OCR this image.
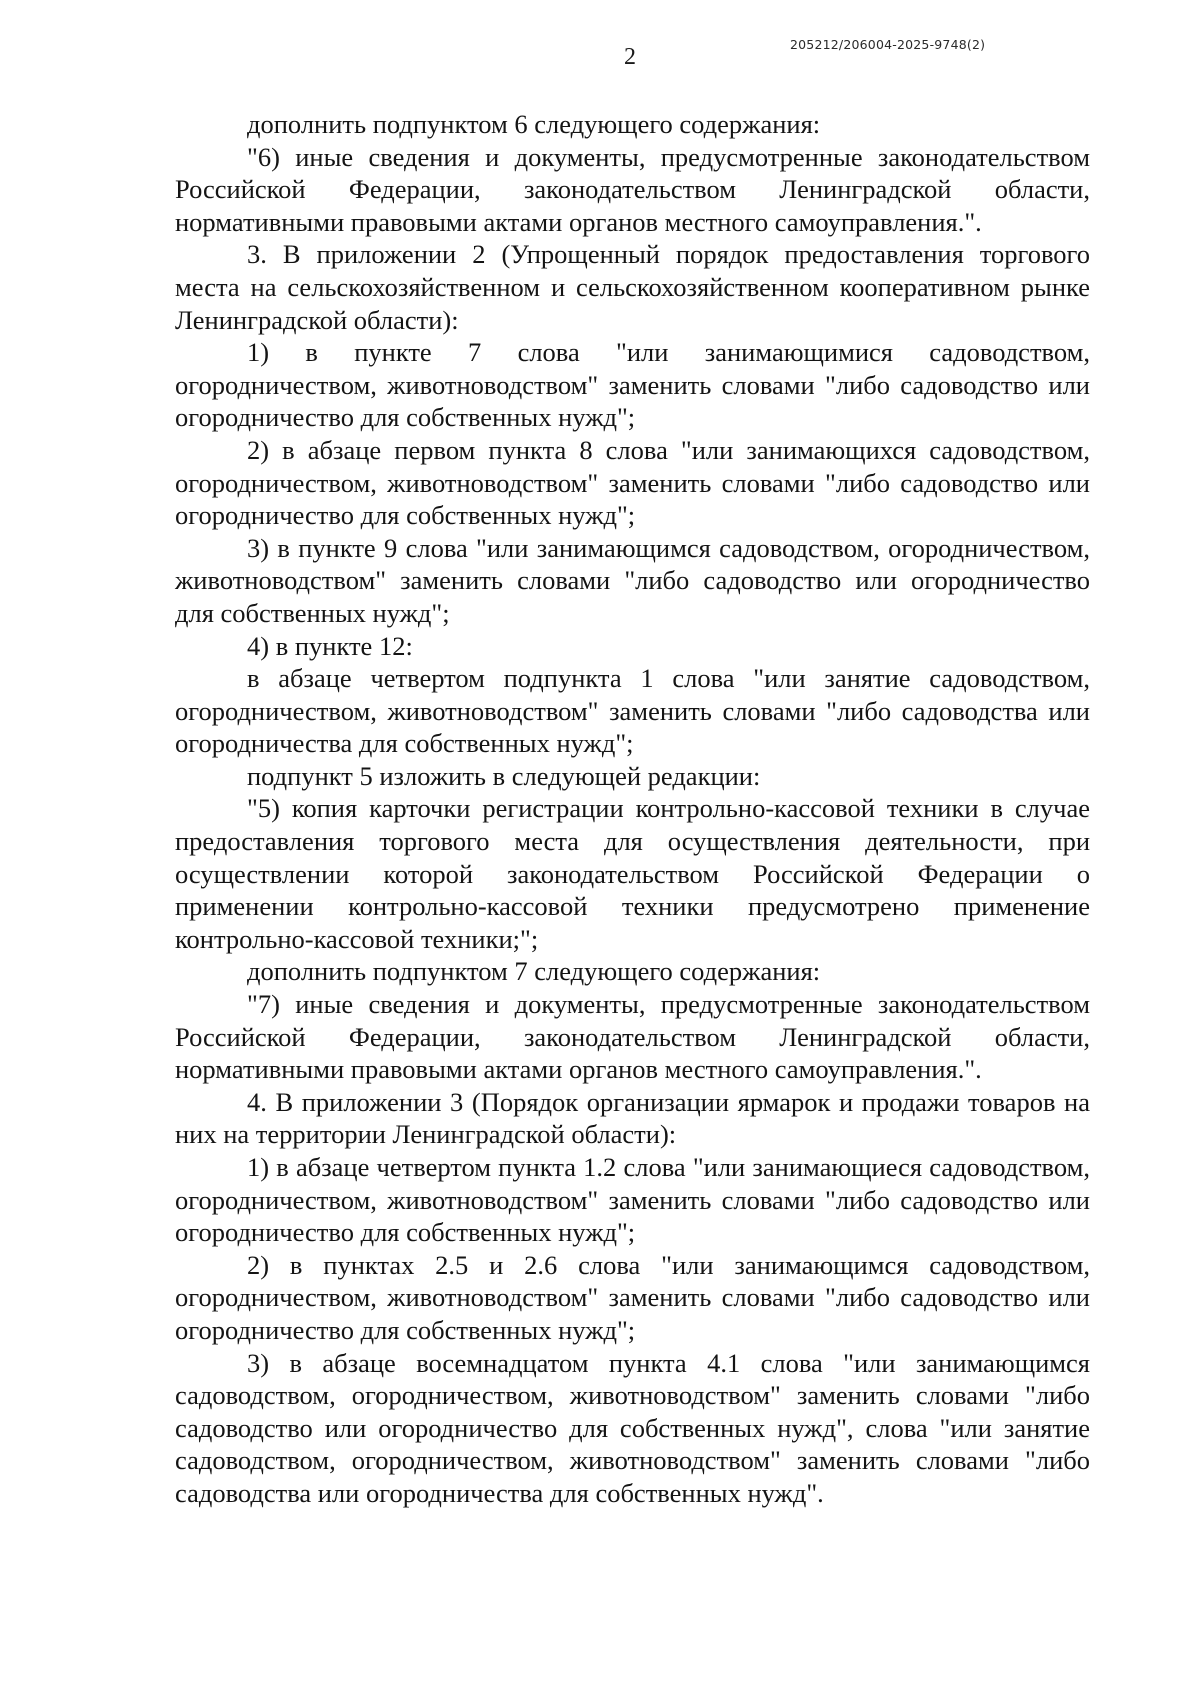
205212/206004-2025-9748(2)
2

дополнить подпунктом 6 следующего содержания:

"6) иные сведения и документы, предусмотренные законодательством Российской Федерации, законодательством Ленинградской области, нормативными правовыми актами органов местного самоуправления.".

3. В приложении 2 (Упрощенный порядок предоставления торгового места на сельскохозяйственном и сельскохозяйственном кооперативном рынке Ленинградской области):

1) в пункте 7 слова "или занимающимися садоводством, огородничеством, животноводством" заменить словами "либо садоводство или огородничество для собственных нужд";

2) в абзаце первом пункта 8 слова "или занимающихся садоводством, огородничеством, животноводством" заменить словами "либо садоводство или огородничество для собственных нужд";

3) в пункте 9 слова "или занимающимся садоводством, огородничеством, животноводством" заменить словами "либо садоводство или огородничество для собственных нужд";

4) в пункте 12:

в абзаце четвертом подпункта 1 слова "или занятие садоводством, огородничеством, животноводством" заменить словами "либо садоводства или огородничества для собственных нужд";

подпункт 5 изложить в следующей редакции:

"5) копия карточки регистрации контрольно-кассовой техники в случае предоставления торгового места для осуществления деятельности, при осуществлении которой законодательством Российской Федерации о применении контрольно-кассовой техники предусмотрено применение контрольно-кассовой техники;";

дополнить подпунктом 7 следующего содержания:

"7) иные сведения и документы, предусмотренные законодательством Российской Федерации, законодательством Ленинградской области, нормативными правовыми актами органов местного самоуправления.".

4. В приложении 3 (Порядок организации ярмарок и продажи товаров на них на территории Ленинградской области):

1) в абзаце четвертом пункта 1.2 слова "или занимающиеся садоводством, огородничеством, животноводством" заменить словами "либо садоводство или огородничество для собственных нужд";

2) в пунктах 2.5 и 2.6 слова "или занимающимся садоводством, огородничеством, животноводством" заменить словами "либо садоводство или огородничество для собственных нужд";

3) в абзаце восемнадцатом пункта 4.1 слова "или занимающимся садоводством, огородничеством, животноводством" заменить словами "либо садоводство или огородничество для собственных нужд", слова "или занятие садоводством, огородничеством, животноводством" заменить словами "либо садоводства или огородничества для собственных нужд".
